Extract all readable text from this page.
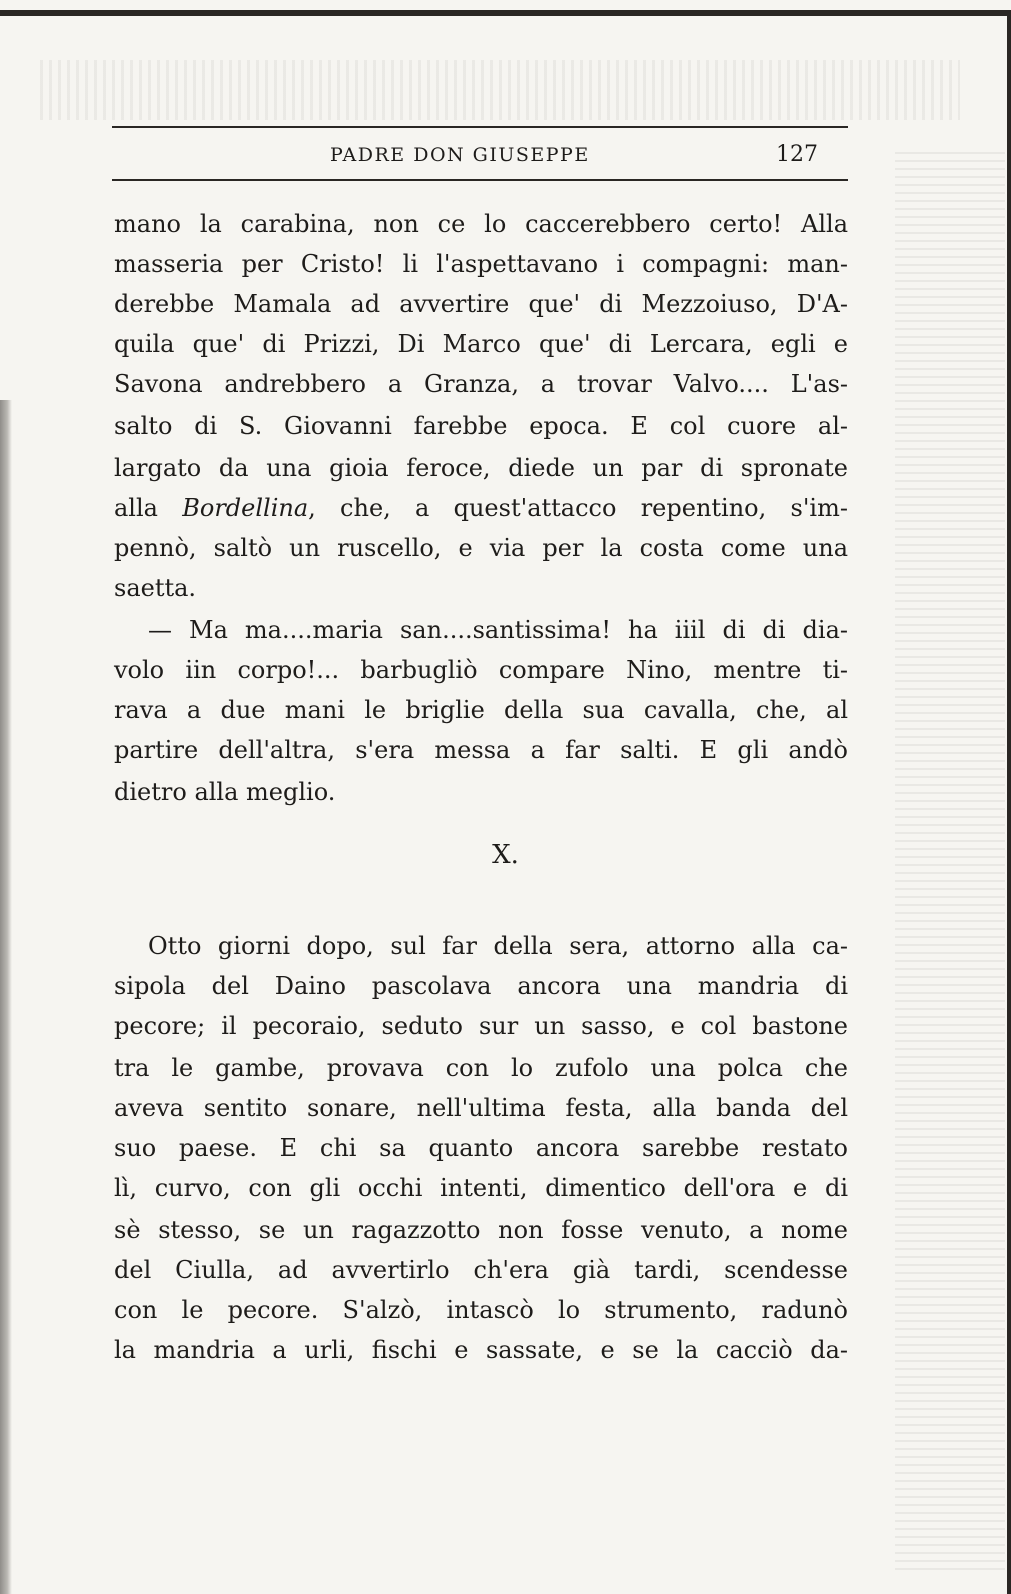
PADRE DON GIUSEPPE	127
mano la carabina, non ce lo caccerebbero certo! Alla
masseria per Cristo! li l'aspettavano i compagni: man-
derebbe Mamala ad avvertire que' di Mezzoiuso, D'A-
quila que' di Prizzi, Di Marco que' di Lercara, egli e
Savona andrebbero a Granza, a trovar Valvo.... L'as-
salto di S. Giovanni farebbe epoca. E col cuore al-
largato da una gioia feroce, diede un par di spronate
alla Bordellina, che, a quest'attacco repentino, s'im-
pennò, saltò un ruscello, e via per la costa come una
saetta.
— Ma ma....maria san....santissima! ha iiil di di dia-
volo iin corpo!... barbugliò compare Nino, mentre ti-
rava a due mani le briglie della sua cavalla, che, al
partire dell'altra, s'era messa a far salti. E gli andò
dietro alla meglio.
X.
Otto giorni dopo, sul far della sera, attorno alla ca-
sipola del Daino pascolava ancora una mandria di
pecore; il pecoraio, seduto sur un sasso, e col bastone
tra le gambe, provava con lo zufolo una polca che
aveva sentito sonare, nell'ultima festa, alla banda del
suo paese. E chi sa quanto ancora sarebbe restato
lì, curvo, con gli occhi intenti, dimentico dell'ora e di
sè stesso, se un ragazzotto non fosse venuto, a nome
del Ciulla, ad avvertirlo ch'era già tardi, scendesse
con le pecore. S'alzò, intascò lo strumento, radunò
la mandria a urli, fischi e sassate, e se la cacciò da-
